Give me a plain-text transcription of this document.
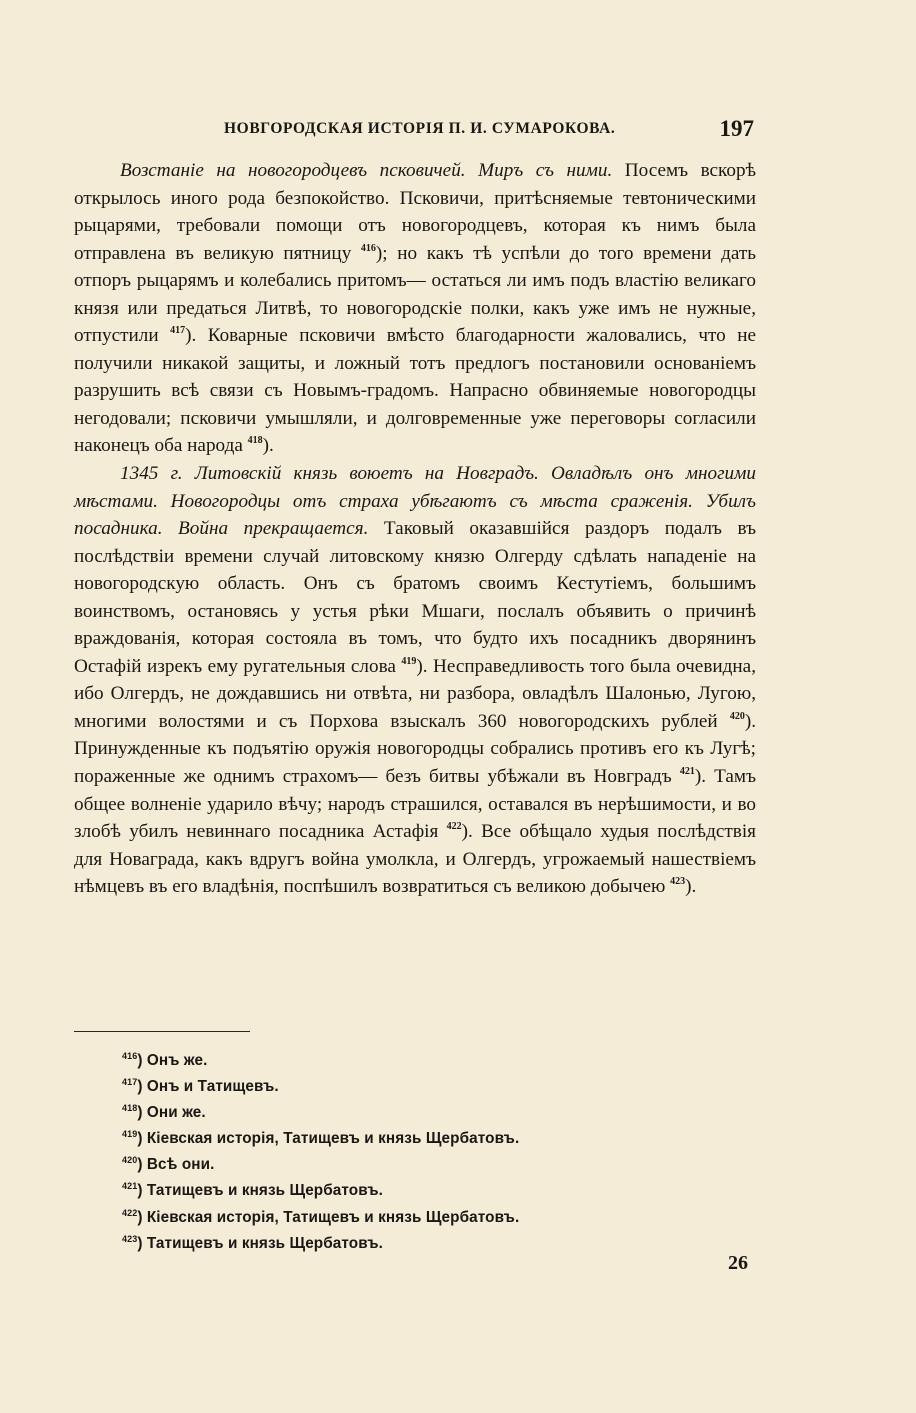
НОВГОРОДСКАЯ ИСТОРІЯ П. И. СУМАРОКОВА.	197

Возстаніе на новогородцевъ псковичей. Миръ съ ними. Посемъ вскорѣ открылось иного рода безпокойство. Псковичи, притѣсняемые тевтоническими рыцарями, требовали помощи отъ новогородцевъ, которая къ нимъ была отправлена въ великую пятницу $^{416}$); но какъ тѣ успѣли до того времени дать отпоръ рыцарямъ и колебались притомъ— остаться ли имъ подъ властію великаго князя или предаться Литвѣ, то новогородскіе полки, какъ уже имъ не нужные, отпустили $^{417}$). Коварные псковичи вмѣсто благодарности жаловались, что не получили никакой защиты, и ложный тотъ предлогъ постановили основаніемъ разрушить всѣ связи съ Новымъ-градомъ. Напрасно обвиняемые новогородцы негодовали; псковичи умышляли, и долговременные уже переговоры согласили наконецъ оба народа $^{418}$).

1345 г. Литовскій князь воюетъ на Новградъ. Овладѣлъ онъ многими мѣстами. Новогородцы отъ страха убѣгаютъ съ мѣста сраженія. Убилъ посадника. Война прекращается. Таковый оказавшійся раздоръ подалъ въ послѣдствіи времени случай литовскому князю Олгерду сдѣлать нападеніе на новогородскую область. Онъ съ братомъ своимъ Кестутіемъ, большимъ воинствомъ, остановясь у устья рѣки Мшаги, послалъ объявить о причинѣ враждованія, которая состояла въ томъ, что будто ихъ посадникъ дворянинъ Остафій изрекъ ему ругательныя слова $^{419}$). Несправедливость того была очевидна, ибо Олгердъ, не дождавшись ни отвѣта, ни разбора, овладѣлъ Шалонью, Лугою, многими волостями и съ Порхова взыскалъ 360 новогородскихъ рублей $^{420}$). Принужденные къ подъятію оружія новогородцы собрались противъ его къ Лугѣ; пораженные же однимъ страхомъ— безъ битвы убѣжали въ Новградъ $^{421}$). Тамъ общее волненіе ударило вѣчу; народъ страшился, оставался въ нерѣшимости, и во злобѣ убилъ невиннаго посадника Астафія $^{422}$). Все обѣщало худыя послѣдствія для Новаграда, какъ вдругъ война умолкла, и Олгердъ, угрожаемый нашествіемъ нѣмцевъ въ его владѣнія, поспѣшилъ возвратиться съ великою добычею $^{423}$).

$^{416}$) Онъ же.
$^{417}$) Онъ и Татищевъ.
$^{418}$) Они же.
$^{419}$) Кіевская исторія, Татищевъ и князь Щербатовъ.
$^{420}$) Всѣ они.
$^{421}$) Татищевъ и князь Щербатовъ.
$^{422}$) Кіевская исторія, Татищевъ и князь Щербатовъ.
$^{423}$) Татищевъ и князь Щербатовъ.
26
